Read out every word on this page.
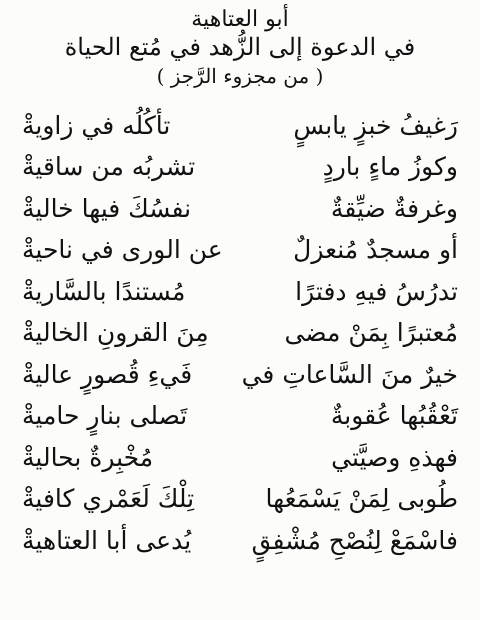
أبو العتاهية
في الدعوة إلى الزُّهد في مُتع الحياة
( من مجزوء الرَّجز )
رَغيفُ خبزٍ يابسٍ
تأكُلُه في زاويةْ
وكوزُ ماءٍ باردٍ
تشربُه من ساقيةْ
وغرفةٌ ضيِّقةٌ
نفسُكَ فيها خاليةْ
أو مسجدٌ مُنعزلٌ
عن الورى في ناحيةْ
تدرُسُ فيهِ دفترًا
مُستندًا بالسَّاريةْ
مُعتبرًا بِمَنْ مضى
مِنَ القرونِ الخاليةْ
خيرٌ منَ السَّاعاتِ في
فَيءِ قُصورٍ عاليةْ
تَعْقُبُها عُقوبةٌ
تَصلى بنارٍ حاميةْ
فهذهِ وصيَّتي
مُخْبِرةٌ بحاليةْ
طُوبى لِمَنْ يَسْمَعُها
تِلْكَ لَعَمْري كافيةْ
فاسْمَعْ لِنُصْحِ مُشْفِقٍ
يُدعى أبا العتاهيةْ
